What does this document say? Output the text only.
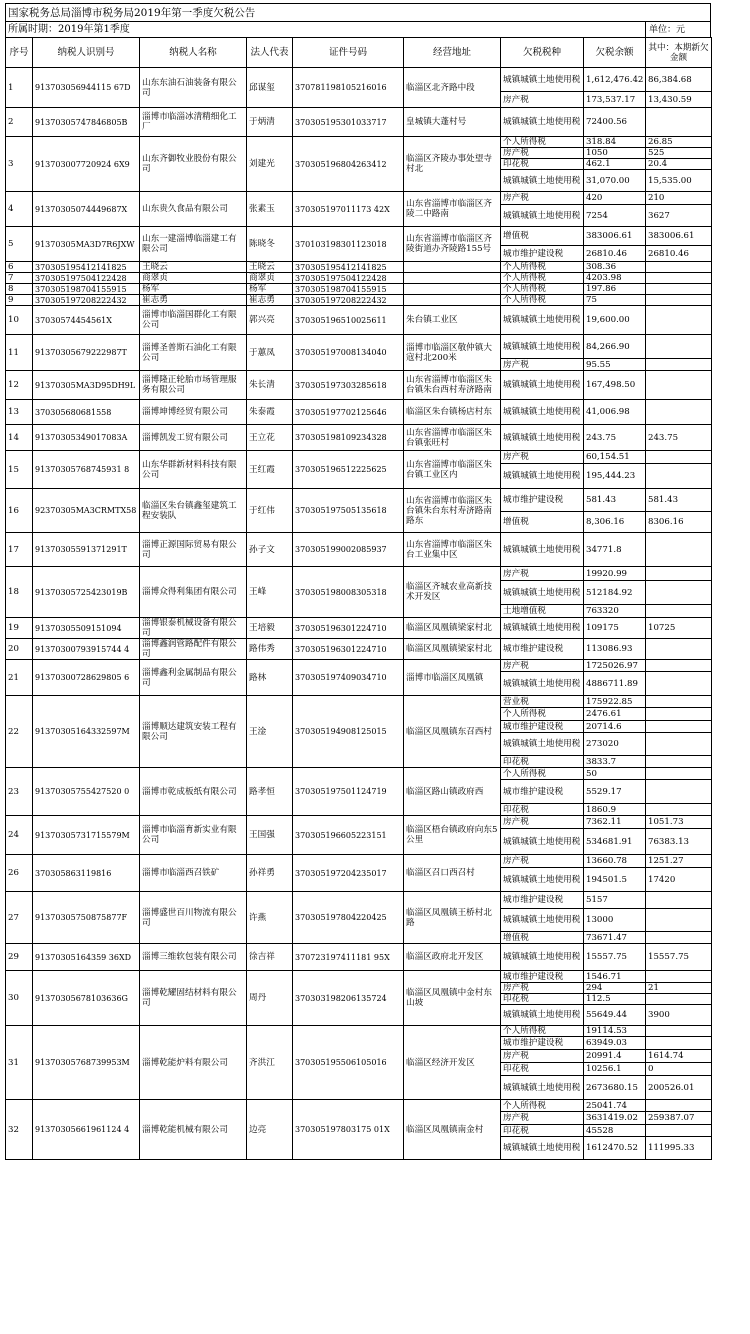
国家税务总局淄博市税务局2019年第一季度欠税公告
所属时期：2019年第1季度	单位：元
序号	纳税人识别号	纳税人名称	法人代表	证件号码	经营地址	欠税税种	欠税余额	其中：本期新欠金额
1	913703056944115 67D	山东东油石油装备有限公司	邱谋玺	370781198105216016	临淄区北齐路中段	城镇城镇土地使用税	1,612,476.42	86,384.68
						房产税	173,537.17	13,430.59
2	91370305747846805B	淄博市临淄冰清精细化工厂	于炳清	370305195301033717	皇城镇大蓬村号	城镇城镇土地使用税	72400.56	
3	913703007720924 6X9	山东齐御牧业股份有限公司	刘建光	370305196804263412	临淄区齐陵办事处望寺村北	个人所得税	318.84	26.85
						房产税	1050	525
						印花税	462.1	20.4
						城镇城镇土地使用税	31,070.00	15,535.00
4	91370305074449687X	山东贵久食品有限公司	张素玉	370305197011173 42X	山东省淄博市临淄区齐陵二中路南	房产税	420	210
						城镇城镇土地使用税	7254	3627
5	91370305MA3D7R6JXW	山东一建淄博临淄建工有限公司	陈晓冬	370103198301123018	山东省淄博市临淄区齐陵街道办齐陵路155号	增值税	383006.61	383006.61
						城市维护建设税	26810.46	26810.46
6	370305195412141825	王晓云	王晓云	370305195412141825		个人所得税	308.36	
7	370305197504122428	商翠贞	商翠贞	370305197504122428		个人所得税	4203.98	
8	370305198704155915	杨军	杨军	370305198704155915		个人所得税	197.86	
9	370305197208222432	崔志勇	崔志勇	370305197208222432		个人所得税	75	
10	37030574454561X	淄博市临淄国群化工有限公司	郭兴亮	370305196510025611	朱台镇工业区	城镇城镇土地使用税	19,600.00	
11	91370305679222987T	淄博圣普斯石油化工有限公司	于蕙凤	370305197008134040	淄博市临淄区敬仲镇大寇村北200米	城镇城镇土地使用税	84,266.90	
						房产税	95.55	
12	91370305MA3D95DH9L	淄博隆正轮胎市场管理服务有限公司	朱长清	370305197303285618	山东省淄博市临淄区朱台镇朱台西村寿济路南	城镇城镇土地使用税	167,498.50	
13	370305680681558	淄博坤博经贸有限公司	朱泰霞	370305197702125646	临淄区朱台镇杨店村东	城镇城镇土地使用税	41,006.98	
14	91370305349017083A	淄博凯发工贸有限公司	王立花	370305198109234328	山东省淄博市临淄区朱台镇张旺村	城镇城镇土地使用税	243.75	243.75
15	91370305768745931 8	山东华群新材料科技有限公司	王红霞	370305196512225625	山东省淄博市临淄区朱台镇工业区内	房产税	60,154.51	
						城镇城镇土地使用税	195,444.23	
16	92370305MA3CRMTX58	临淄区朱台镇鑫玺建筑工程安装队	于红伟	370305197505135618	山东省淄博市临淄区朱台镇朱台东村寿济路南路东	城市维护建设税	581.43	581.43
						增值税	8,306.16	8306.16
17	91370305591371291T	淄博正源国际贸易有限公司	孙子文	370305199002085937	山东省淄博市临淄区朱台工业集中区	城镇城镇土地使用税	34771.8	
18	91370305725423019B	淄博众得利集团有限公司	王峰	370305198008305318	临淄区齐城农业高新技术开发区	房产税	19920.99	
						城镇城镇土地使用税	512184.92	
						土地增值税	763320	
19	91370305509151094	淄博银泰机械设备有限公司	王培毅	370305196301224710	临淄区凤凰镇梁家村北	城镇城镇土地使用税	109175	10725
20	91370300793915744 4	淄博鑫润管路配件有限公司	路伟秀	370305196301224710	临淄区凤凰镇梁家村北	城市维护建设税	113086.93	
21	91370300728629805 6	淄博鑫利金属制品有限公司	路林	370305197409034710	淄博市临淄区凤凰镇	房产税	1725026.97	
						城镇城镇土地使用税	4886711.89	
22	91370305164332597M	淄博顺达建筑安装工程有限公司	王淦	370305194908125015	临淄区凤凰镇东召西村	营业税	175922.85	
						个人所得税	2476.61	
						城市维护建设税	20714.6	
						城镇城镇土地使用税	273020	
						印花税	3833.7	
23	91370305755427520 0	淄博市乾成板纸有限公司	路孝恒	370305197501124719	临淄区路山镇政府西	个人所得税	50	
						城市维护建设税	5529.17	
						印花税	1860.9	
24	91370305731715579M	淄博市临淄育新实业有限公司	王国强	370305196605223151	临淄区梧台镇政府向东5公里	房产税	7362.11	1051.73
						城镇城镇土地使用税	534681.91	76383.13
26	370305863119816	淄博市临淄西召铁矿	孙祥勇	370305197204235017	临淄区召口西召村	房产税	13660.78	1251.27
						城镇城镇土地使用税	194501.5	17420
27	91370305750875877F	淄博盛世百川物流有限公司	许燕	370305197804220425	临淄区凤凰镇王桥村北路	城市维护建设税	5157	
						城镇城镇土地使用税	13000	
						增值税	73671.47	
29	91370305164359 36XD	淄博三维软包装有限公司	徐吉祥	370723197411181 95X	临淄区政府北开发区	城镇城镇土地使用税	15557.75	15557.75
30	91370305678103636G	淄博乾耀固结材料有限公司	周丹	370303198206135724	临淄区凤凰镇中金村东山坡	城市维护建设税	1546.71	
						房产税	294	21
						印花税	112.5	
						城镇城镇土地使用税	55649.44	3900
31	91370305768739953M	淄博乾能炉料有限公司	齐洪江	370305195506105016	临淄区经济开发区	个人所得税	19114.53	
						城市维护建设税	63949.03	
						房产税	20991.4	1614.74
						印花税	10256.1	0
						城镇城镇土地使用税	2673680.15	200526.01
32	91370305661961124 4	淄博乾能机械有限公司	边亮	370305197803175 01X	临淄区凤凰镇南金村	个人所得税	25041.74	
						房产税	3631419.02	259387.07
						印花税	45528	
						城镇城镇土地使用税	1612470.52	111995.33
